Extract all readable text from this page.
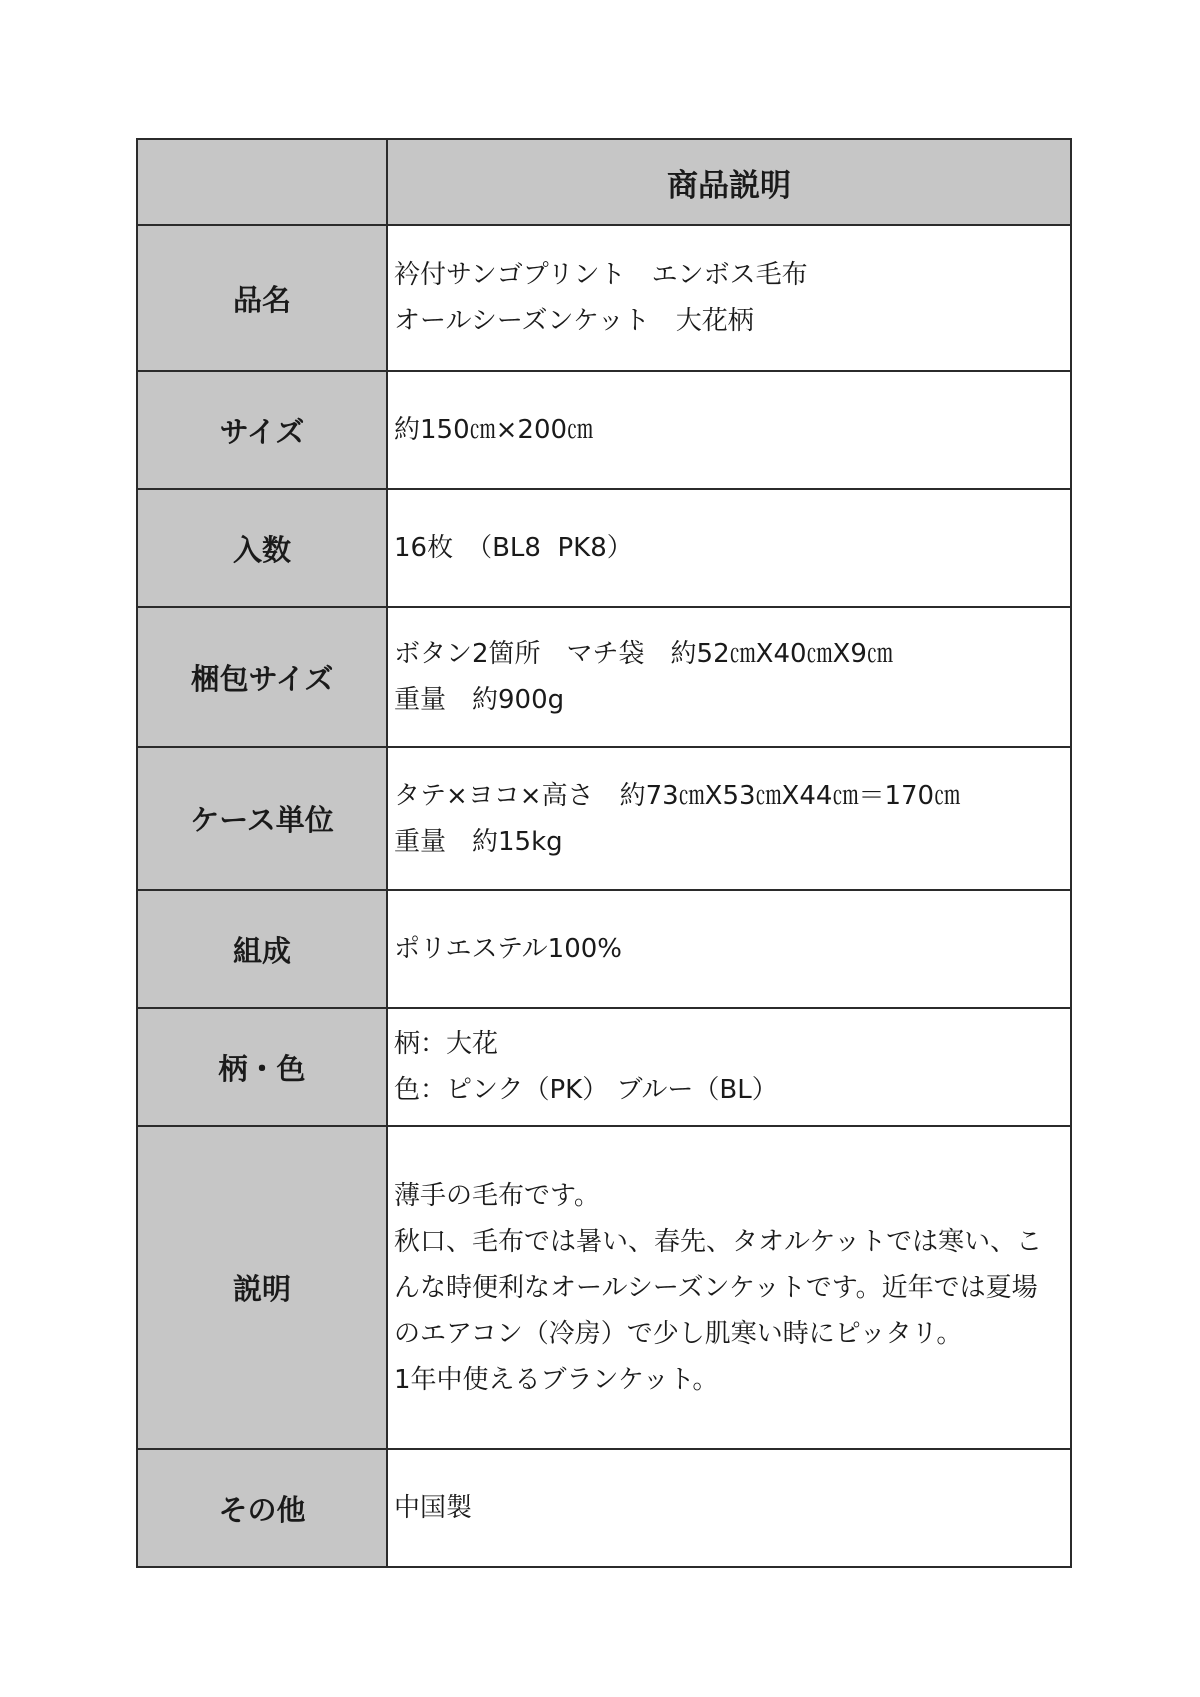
	商品説明
品名	衿付サンゴプリント　エンボス毛布
オールシーズンケット　大花柄

サイズ	約150㎝×200㎝

入数	16枚　（BL8  PK8）

梱包サイズ	ボタン2箇所　マチ袋　約52㎝X40㎝X9㎝
重量　約900g

ケース単位	タテ×ヨコ×高さ　約73㎝X53㎝X44㎝＝170㎝
重量　約15kg

組成	ポリエステル100%

柄・色	柄：大花
色：ピンク（PK） ブルー（BL）

説明	薄手の毛布です。
秋口、毛布では暑い、春先、タオルケットでは寒い、こんな時便利なオールシーズンケットです。近年では夏場のエアコン（冷房）で少し肌寒い時にピッタリ。
1年中使えるブランケット。

その他	中国製
